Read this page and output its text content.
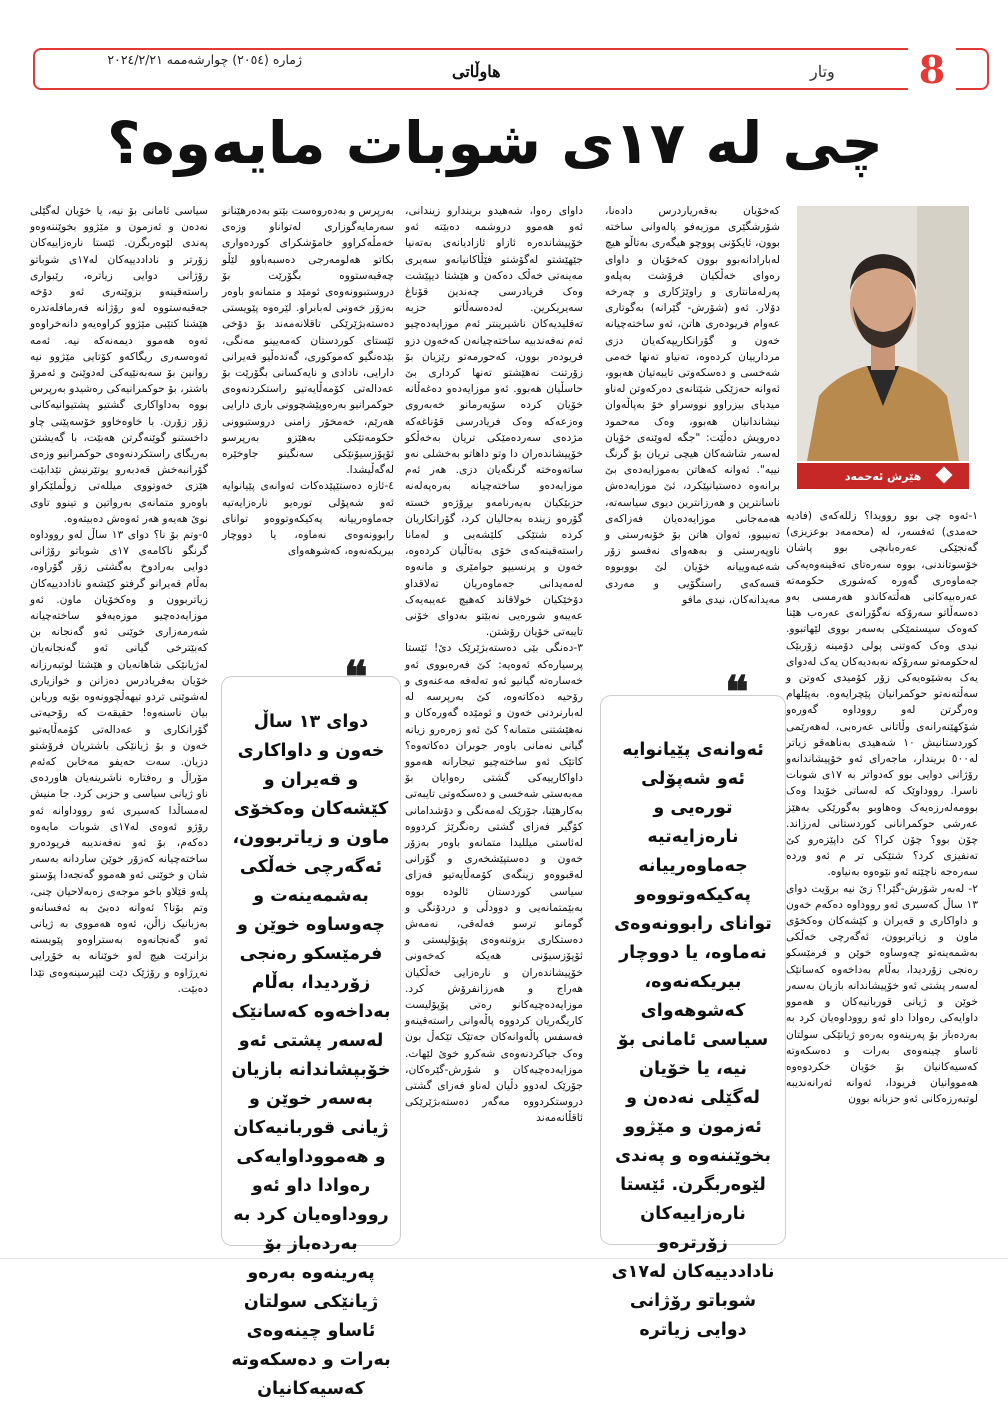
8
وتار
هاوڵاتی
ژمارە (٢٠٥٤) چوارشەممە ٢٠٢٤/٢/٢١
چی لە ١٧ی شوبات مایەوە؟
هێرش ئەحمەد

١-ئەوە چی بوو روویدا؟ زللەکەی (فادیە حەمدی) ئەفسەر، لە (محەمەد بوعزیزی) گەنجێکی عەرەبانچی بوو پاشان خۆسوتاندنی، بووە سەرەتای تەقینەوەیەکی جەماوەری گەورە کەشوری حکومەتە عەرەبیەکانی هەڵتەکاندو هەرمسی بەو دەسەڵاتو سەرۆکە نەگۆرانەی عەرەب هێنا کەوەک سیستمێکی بەسەر بووی لێهاتبوو. نیدی وەک کەوتنی پولی دۆمینە زۆربێک لەحکومەتو سەرۆکە نەبەدیەکان یەک لەدوای یەک بەشێوەیەکی زۆر کۆمیدی کەوتن و سەڵتەنەتو حوکمرانیان پێچرایەوە. بەپێلهام وەرگرتن لەو رووداوە گەورەو شۆکهێنەرانەی وڵاتانی عەرەبی، لەهەرێمی کوردستانیش ١٠ شەهیدی بەناهەقو زیاتر لە٥٠٠ بریندار، ماجەرای ئەو خۆپیشاندانەو رۆژانی دوایی بوو کەدواتر بە ١٧ی شوبات ناسرا. رووداوێک کە لەساتی خۆیدا وەک بوومەلەرزەیەک وەهاوبو بەگورێکی بەهێز عەرشی حوکمرانانی کوردستانی لەرزاند. چۆن بوو؟ چۆن کرا؟ کێ داپێزەرو کێ تەنفیزی کرد؟ شتێکی تر م ئەو وردە سەرەجە ناچێتە ئەو نێوەوە بەنیاوە.

٢- لەبەر شۆرش-گێر!؟ زێ نیە برۆیت دوای ١٣ ساڵ کەسیری ئەو رووداوە دەکەم خەون و داواکاری و قەیران و کێشەکان وەکخۆی ماون و زیاتربوون، ئەگەرچی خەڵکی بەشمەینەتو چەوساوە خوێن و فرمێسکو رەنجی زۆردیدا، بەڵام بەداخەوە کەسانێک لەسەر پشتی ئەو خۆپیشاندانە بازیان بەسەر خوێن و ژیانی قوربانیەکان و هەموو داوایەکی رەوادا داو ئەو رووداوەیان کرد بە بەردەباز بۆ پەرینەوە بەرەو ژیانێکی سولتان ئاساو چینەوەی بەرات و دەسکەوتە کەسیەکانیان بۆ خۆیان خکردوەوە هەمووانیان فریودا، ئەوانە ئەرانەندیبە لوتبەرزەکانی ئەو حزبانە بوون

کەخۆیان بەقەریاردرس دادەنا، شۆرشگێری موزیەفو پالەوانی ساختە بوون، ئایکۆنی پووچو هیگەری بەتاڵو هیچ لەبارادانەبوو بوون کەخۆیان و داوای رەوای خەڵکیان فرۆشت بەپلەو پەرلەمانتاری و راوێژکاری و چەرخە دۆلار. ئەو (شۆرش- گێرانە) بەگوتاری عەوام فریودەری هاتن، ئەو ساختەچیانە خەون و گۆرانکاریپەکەیان دزی مردارییان کردەوە، تەنیاو تەنها خەمی شەخسی و دەسکەوتی تایبەتیان هەبوو، ئەوانە حەزێکی شێتانەی دەرکەوتن لەناو میدیای بیزراوو نووسراو خۆ بەپاڵەوان نیشاندانیان هەبوو، وەک مەحمود دەرویش دەڵێت: "جگە لەوێنەی خۆیان لەسەر شاشەکان هیچی تریان بۆ گرنگ نییە". ئەوانە کەهاتن بەموزایەدەی بێ برانەوە دەستیانپێکرد، ئێ موزایەدەش ناسانترین و هەرزانترین دیوی سیاسەتە، هەمەجانی موزایەدەیان فەزاکەی تەنیبوو، ئەوان هاتن بۆ خۆبەرستی و ناوپەرستی و بەهەوای نەفسو زۆر شەعبەوییانە خۆیان لێ بووبووە قسەکەی راستگۆیی و مەردی مەیدانەکان، نیدی مافو

❝
ئەوانەی پێیانوایە ئەو شەپۆلی تورەیی و نارەزایەتیە جەماوەرییانە پەکیکەوتووەو توانای رابوونەوەی نەماوە، یا دووچار بیریکەنەوە، کەشوهەوای سیاسی ئامانی بۆ نیە، یا خۆیان لەگێلی نەدەن و ئەزمون و مێژوو بخوێننەوە و پەندی لێوەربگرن. ئێستا نارەزاییەکان زۆرترەو ناداددییەکان لە١٧ی شوباتو رۆژانی دوایی زیاترە

داوای رەوا، شەهیدو بریندارو زیندانی، ئەو هەموو دروشمە دەبێتە ئەو خۆپیشاندەرە ئازاو ئازادیانەی بەتەنیا جێهێشتو لەگۆشتو فێڵاکانیانەو سەیری مەینەتی خەڵک دەکەن و هێشتا دیپێشت وەک فریادرسی چەندین قۆناغ سەیریکرین. لەدەسەڵاتو حزبە تەقلیدیەکان ناشیرینتر ئەم موزایەدەچیو ئەم نەفەندبیە ساختەچیانەن کەخەون دزو فریودەر بوون، کەحورمەتو رێزیان بۆ زۆرتنت نەهێشتو تەنها کرداری بێ حاسڵیان هەبوو. ئەو موزایەدەو دەغەڵانە خۆیان کردە سۆیەرمانو خەبەروی وەزعەکە وەک فریادرسی قۆناغەکە مژدەی سەردەمێکی تریان بەخەڵکو خۆپیشاندەران دا وتو داهاتو بەخشلی نەو ساتەوەختە گرنگەیان دزی. هەر ئەم موزایەدەو ساختەچیانە بەرەپەلەنە حزبێکیان بەیەرنامەو بڕۆژەو خستە گۆرەو زیندە بەجالیان کرد، گۆرانکاریان کردە شتێکی کلێشەیی و لەمانا راستەقینەکەی خۆی بەتاڵیان کردەوە، خەون و پرنسیپو جوامێری و مانەوە لەمەیدانی جەماوەریان تەلاقداو دۆخێکیان خولاقاند کەهیچ عەیبەیەک عەیبەو شورەیی نەبێتو بەدوای خۆنی تایبەتی خۆیان رۆشتن.

٣-دەنگی بێی دەستەبژێرێک دێ! ئێستا پرسیارەکە ئەوەیە: کێ فەرەبووی ئەو خەسارەتە گیانیو ئەو تەلەفە مەعنەوی و رۆحیە دەکاتەوە، کێ بەرپرسە لە لەبارنردنی خەون و ئومێدە گەورەکان و نەهێشتنی متمانە؟ کێ ئەو زەرەرو زیانە گیانی نەمانی باوەر جوبران دەکاتەوە؟ کاتێک ئەو ساختەچیو تیجارانە هەموو داواکارییەکی گشتی رەوایان بۆ مەبەستی شەخسی و دەسکەوتی تایبەتی بەکارهێنا، جۆرێک لەمەنگی و دۆشدامانی کۆگیر فەزای گشتی رەنگرێژ کردووە لەئاستی میللیدا متمانەو باوەر بەزۆر خەون و دەستپێشخەری و گۆرانی لەقبووەو زینگەی کۆمەڵایەتیو فەزای سیاسی کوردستان ئالودە بووە بەبێمتمانەیی و دوودڵی و دردۆنگی و گومانو ترسو فەلەقی، نەمەش دەستکاری بزوتنەوەی پۆپۆلیستی و ئۆپۆزسیۆنی هەیکە کەخەونی خۆپیشاندەران و نارەزایی خەڵکیان هەراج و هەرزانفرۆش کرد. موزایەدەچیەکانو رەتی پۆپۆلیست کاریگەریان کردووە پاڵەوانی راستەقینەو فەسفس پاڵەوانەکان جەتێک تێکەڵ بون وەک جیاکردنەوەی شەکرو خوێ لێهات. موزایەدەچیەکان و شۆرش-گێرەکان، جۆرێک لەدوو دڵیان لەناو فەزای گشتی دروستکردووە مەگەر دەستەبژێرێکی ئاقڵانەمەند

بەرپرس و بەدەروەست بێتو بەدەرهێنانو سەرمایەگوزاری لەتواناو وزەی خەمڵەکراوو خامۆشکرای کوردەواری بکاتو هەلومەرجی دەسبەباوو لێڵو چەقبەستووە بگۆرێت بۆ دروستبوونەوەی ئومێد و متمانەو باوەر بەزۆر خەونی لەبابراو. لێرەوە پێویستی دەستەبژێرێکی تاقلانەمەند بۆ دۆخی ئێستای کوردستان کەمەیینو مەنگی، بێدەنگیو کەموکوری، گەندەڵیو قەیرانی دارایی، نادادی و نایەکسانی بگۆرێت بۆ عەدالەتی کۆمەڵایەتیو راستکردنەوەی حوکمرانیو بەرەوپێشچوونی باری دارایی هەرێم، خەمخۆر زامنی دروستبوونی حکومەتێکی بەهێزو بەرپرسو ئۆپۆزسیۆنێکی سەنگینو جاوخێرە لەگەڵیشدا.

٤-ئازە دەستێپێدەکات ئەوانەی پێیانوایە ئەو شەپۆلی تورەیو نارەزایەتیە جەماوەرییانە پەکیکەوتووەو توانای رابوونەوەی نەماوە، یا دووچار بیریکەنەوە، کەشوهەوای

❝
دوای ١٣ ساڵ خەون و داواکاری و قەیران و کێشەکان وەکخۆی ماون و زیاتربوون، ئەگەرچی خەڵکی بەشمەینەت و چەوساوە خوێن و فرمێسکو رەنجی زۆردیدا، بەڵام بەداخەوە کەسانێک لەسەر پشتی ئەو خۆبپشاندانە بازیان بەسەر خوێن و ژیانی قوربانیەکان و هەمووداوایەکی رەوادا داو ئەو رووداوەیان کرد بە بەردەباز بۆ پەرینەوە بەرەو ژیانێکی سولتان ئاساو چینەوەی بەرات و دەسکەوتە کەسیەکانیان

سیاسی ئامانی بۆ نیە، یا خۆیان لەگێلی نەدەن و ئەزمون و مێژوو بخوێننەوەو پەندی لێوەربگرن. ئێستا نارەزاییەکان زۆرتر و ناداددییەکان لە١٧ی شوباتو رۆژانی دوایی زیاترە، رێبواری راستەقینەو بزوێنەری ئەو دۆخە جەقبەستووە لەو رۆژانە فەرمافلەتدرە هێشتا کتێبی مێژوو کراوەیەو دانەخراوەو ئەوە هەموو دیمەنەکە نیە. ئەمە ئەوەسەری ریگاکەو کۆتایی مێژوو نیە روانین بۆ سەبەنێیەکی لەدوێنێ و ئەمرۆ باشتر، بۆ حوکمرانیەکی رەشیدو بەرپرس بووە بەداواکاری گشتیو پشتیوانیەکانی زۆر زۆرن. با خاوەخاوو خۆسەپێنی چاو داخستنو گوێنەگرتن هەبێت، با گەیشتن بەریگای راستکردنەوەی حوکمرانیو وزەی گۆرانبەخش قەدبەرو یوتێرنیش تێدابێت هێزی خەوتووی میللەتی زوڵملێکراو باوەرو متمانەی بەرواتین و تینوو تاوی نوێ هەیەو هەر ئەوەش دەبیتەوە.

٥-وتم بۆ نا؟ دوای ١٣ ساڵ لەو رووداوە گرنگو ناکامەی ١٧ی شوباتو رۆژانی دوایی بەرادوخ بەگشتی زۆر گۆراوە، بەڵام قەیرانو گرفتو کێشەو ناداددییەکان زیاتربوون و وەکخۆیان ماون. ئەو موزایەدەچیو موزەیەفو ساختەچیانە شەرمەزاری خوێنی ئەو گەنجانە بن کەبێترخی گیانی ئەو گەنجانەیان لەژیانێکی شاهانەیان و هێشتا لوتبەرزانە خۆیان بەفریادرس دەزانن و خوازیاری لەشوێنی تردو تیهەڵچوونەوە بۆیە وریابن بیان ناسنەوە! حقیقەت کە رۆحیەتی گۆرانکاری و عەدالەتی کۆمەڵایەتیو خەون و بۆ ژیانێکی باشتریان فرۆشتو دزیان. سەت حەیفو مەخابن کەئەم مۆراڵ و رەفتارە ناشرینەیان هاوردەی ناو ژیانی سیاسی و حزبی کرد. جا منیش لەمساڵدا کەسیری ئەو رووداوانە ئەو رۆژو ئەوەی لە١٧ی شوبات مایەوە دەکەم، بۆ ئەو نەفەندیبە فریودەرو ساختەچیانە کەزۆر خوێن ساردانە بەسەر شان و خوێنی ئەو هەموو گەنجەدا پۆستو پلەو قێلاو باخو موجەی زەبەلاحیان چنی، وتم بۆنا؟ ئەوانە دەبێ بە ئەفسانەو بەزبانیک زاڵن، ئەوە هەمووی بە ژیانی ئەو گەنجانەوە بەستراوەو پێویستە بزانرێت هیچ لەو خوێنانە بە خۆڕایی نەڕژاوە و رۆژێک دێت لێپرسینەوەی تێدا دەبێت.
